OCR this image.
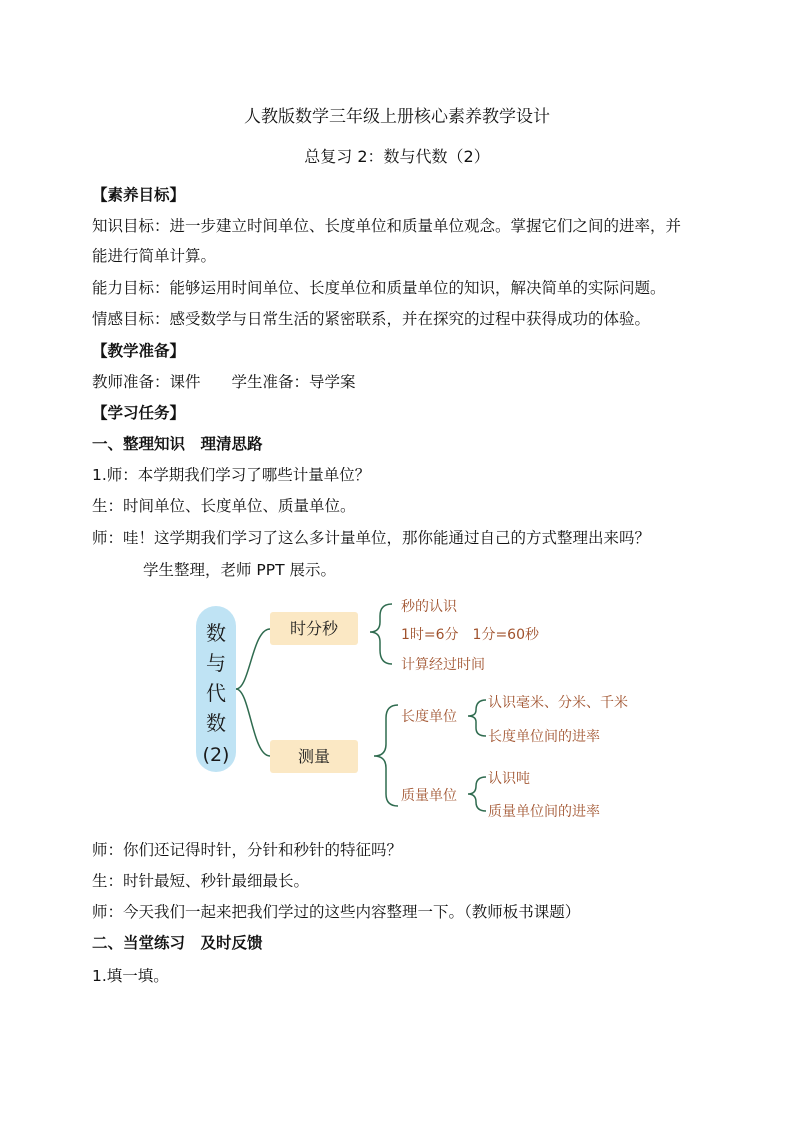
人教版数学三年级上册核心素养教学设计
总复习 2：数与代数（2）
【素养目标】
知识目标：进一步建立时间单位、长度单位和质量单位观念。掌握它们之间的进率，并
能进行简单计算。
能力目标：能够运用时间单位、长度单位和质量单位的知识，解决简单的实际问题。
情感目标：感受数学与日常生活的紧密联系，并在探究的过程中获得成功的体验。
【教学准备】
教师准备：课件　　学生准备：导学案
【学习任务】
一、整理知识　理清思路
1.师：本学期我们学习了哪些计量单位？
生：时间单位、长度单位、质量单位。
师：哇！这学期我们学习了这么多计量单位，那你能通过自己的方式整理出来吗？
学生整理，老师 PPT 展示。
数
与
代
数
(2)
时分秒
测量
秒的认识
1时=6分　1分=60秒
计算经过时间
长度单位
质量单位
认识毫米、分米、千米
长度单位间的进率
认识吨
质量单位间的进率
师：你们还记得时针，分针和秒针的特征吗？
生：时针最短、秒针最细最长。
师：今天我们一起来把我们学过的这些内容整理一下。（教师板书课题）
二、当堂练习　及时反馈
1.填一填。
